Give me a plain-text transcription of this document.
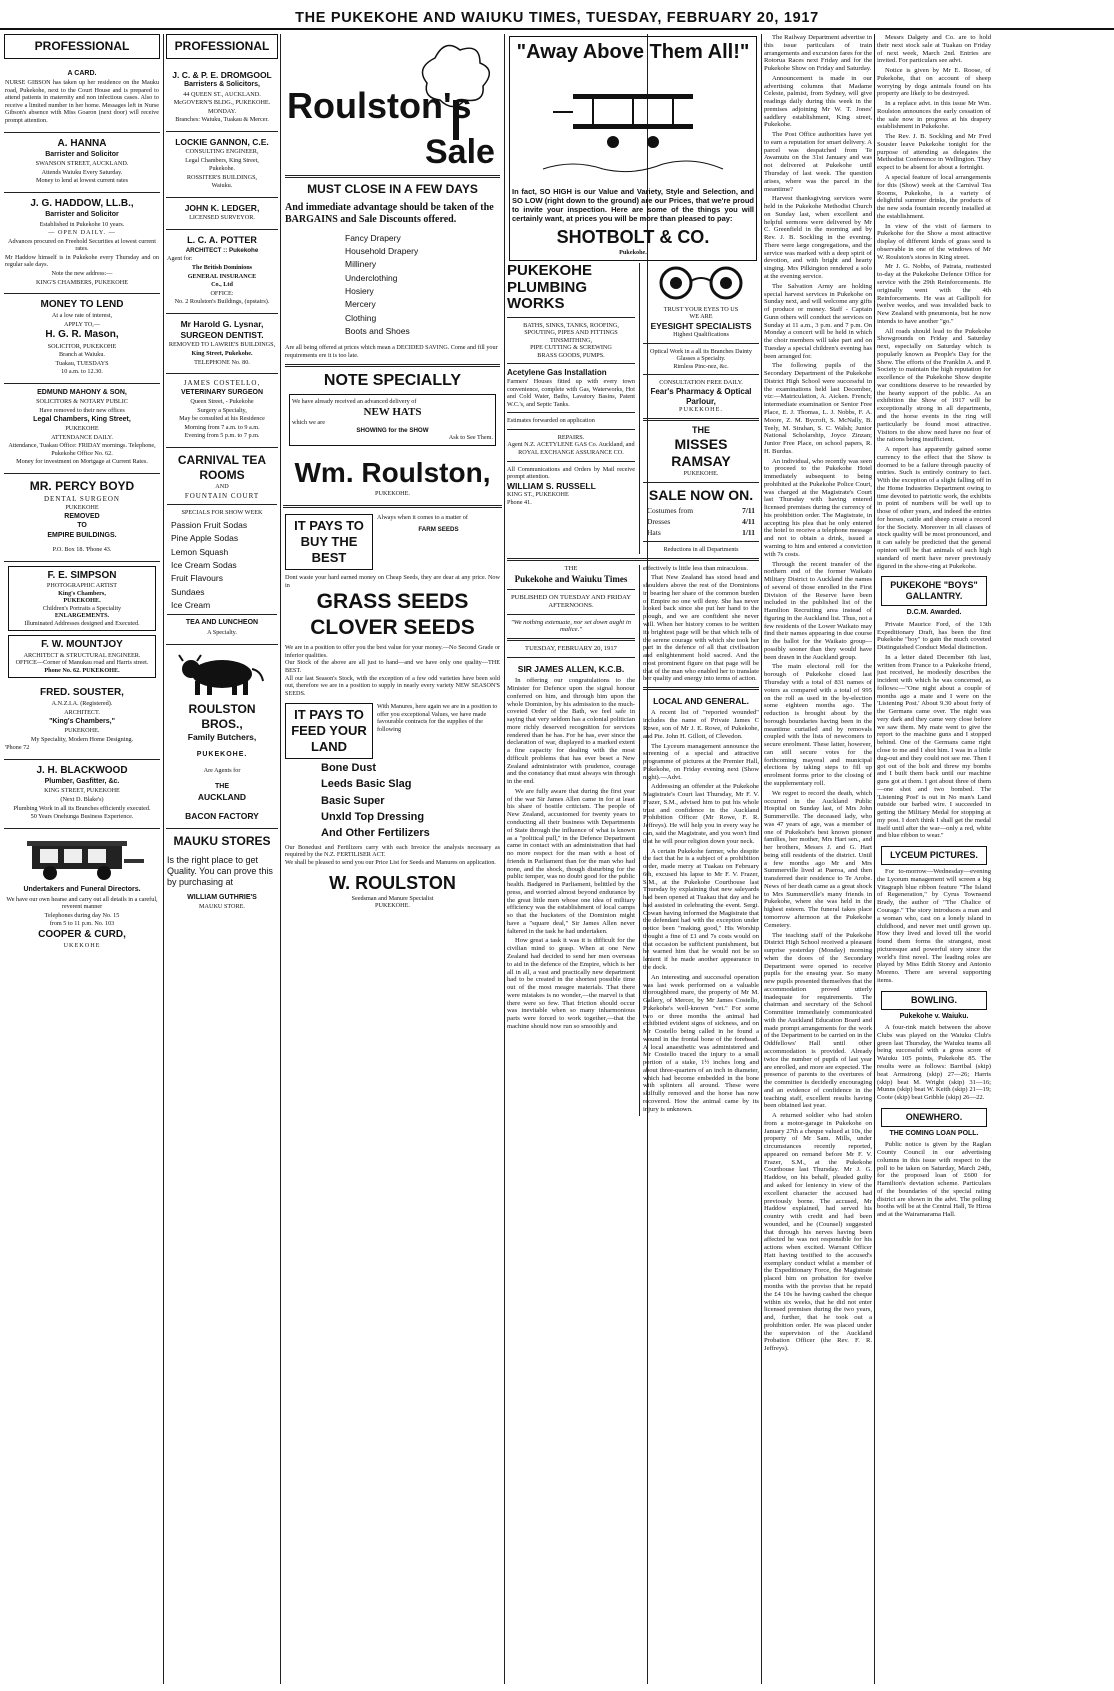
THE PUKEKOHE AND WAIUKU TIMES, TUESDAY, FEBRUARY 20, 1917
PROFESSIONAL

A CARD.

NURSE GIBSON has taken up her residence on the Mauku road, Pukekohe, next to the Court House and is prepared to attend patients in maternity and non infectious cases. Also to receive a limited number in her home. Messages left in Nurse Gibson's absence with Miss Goaron (next door) will receive prompt attention.

A. HANNA

Barrister and Solicitor

SWANSON STREET, AUCKLAND.

Attends Waiuku Every Saturday.

Money to lend at lowest current rates

J. G. HADDOW, LL.B.,

Barrister and Solicitor

Established in Pukekohe 10 years.

— OPEN DAILY. —

Advances procured on Freehold Securities at lowest current rates.

Mr Haddow himself is in Pukekohe every Thursday and on regular sale days.

Note the new address:—

KING'S CHAMBERS, PUKEKOHE

MONEY TO LEND

At a low rate of interest,

APPLY TO,—

H. G. R. Mason,

SOLICITOR, PUKEKOHE

Branch at Waiuku.

Tuakau, TUESDAYS

10 a.m. to 12.30.

EDMUND MAHONY & SON,

SOLICITORS & NOTARY PUBLIC

Have removed to their new offices

Legal Chambers, King Street,

PUKEKOHE

ATTENDANCE DAILY.

Attendance, Tuakau Office: FRIDAY mornings. Telephone, Pukekohe Office No. 62.

Money for investment on Mortgage at Current Rates.

MR. PERCY BOYD

DENTAL SURGEON

PUKEKOHE

REMOVED

TO

EMPIRE BUILDINGS.

P.O. Box 18. 'Phone 43.

F. E. SIMPSON

PHOTOGRAPHIC ARTIST

King's Chambers,

PUKEKOHE.

Children's Portraits a Speciality

ENLARGEMENTS.

Illuminated Addresses designed and Executed.

F. W. MOUNTJOY

ARCHITECT & STRUCTURAL ENGINEER.

OFFICE—Corner of Manukau road and Harris street.

Phone No. 62. PUKEKOHE.

FRED. SOUSTER,

A.N.Z.I.A. (Registered).

ARCHITECT.

"King's Chambers,"

PUKEKOHE.

My Speciality, Modern Home Designing.

'Phone 72

J. H. BLACKWOOD

Plumber, Gasfitter, &c.

KING STREET, PUKEKOHE

(Next D. Blake's)

Plumbing Work in all its Branches efficiently executed.

50 Years Onehunga Business Experience.

Undertakers and Funeral Directors.

We have our own hearse and carry out all details in a careful, reverent manner

Telephones during day No. 15

from 5 to 11 p.m. No. 103

COOPER & CURD,

UKEKOHE

PROFESSIONAL

J. C. & P. E. DROMGOOL

Barristers & Solicitors,

44 QUEEN ST., AUCKLAND.

McGOVERN'S BLDG., PUKEKOHE.

MONDAY.

Branches: Waiuku, Tuakau & Mercer.

LOCKIE GANNON, C.E.

CONSULTING ENGINEER,

Legal Chambers, King Street,

Pukekohe.

ROSSITER'S BUILDINGS,

Waiuku.

JOHN K. LEDGER,

LICENSED SURVEYOR.

L. C. A. POTTER

ARCHITECT :: Pukekohe

Agent for:

The British Dominions

GENERAL INSURANCE

Co., Ltd

OFFICE:

No. 2 Roulston's Buildings, (upstairs).

Mr Harold G. Lysnar,

SURGEON DENTIST.

REMOVED TO LAWRIE'S BUILDINGS,

King Street, Pukekohe.

TELEPHONE No. 80.

JAMES COSTELLO,

VETERINARY SURGEON

Queen Street, - Pukekohe

Surgery a Specialty,

May be consulted at his Residence

Morning from 7 a.m. to 9 a.m.

Evening from 5 p.m. to 7 p.m.

CARNIVAL TEA ROOMS

AND

FOUNTAIN COURT

SPECIALS FOR SHOW WEEK

Passion Fruit Sodas
Pine Apple Sodas
Lemon Squash
Ice Cream Sodas
Fruit Flavours
Sundaes
Ice Cream

TEA AND LUNCHEON

A Specialty.

ROULSTON BROS.,

Family Butchers,

PUKEKOHE.

Are Agents for

THE

AUCKLAND

BACON FACTORY

MAUKU STORES

Is the right place to get Quality. You can prove this by purchasing at

WILLIAM GUTHRIE'S

MAUKU STORE.

Roulston's
Sale

MUST CLOSE IN A FEW DAYS

And immediate advantage should be taken of the BARGAINS and Sale Discounts offered.

Fancy Drapery
Household Drapery
Millinery
Underclothing
Hosiery
Mercery
Clothing
Boots and Shoes

Are all being offered at prices which mean a DECIDED SAVING. Come and fill your requirements ere it is too late.

NOTE SPECIALLY

We have already received an advanced delivery of

NEW HATS

which we are

SHOWING for the SHOW

Ask to See Them.

Wm. Roulston,

PUKEKOHE.

IT PAYS TO BUY THE BEST

Always when it comes to a matter of

FARM SEEDS

Dont waste your hard earned money on Cheap Seeds, they are dear at any price. Now in

GRASS SEEDS

CLOVER SEEDS

We are in a position to offer you the best value for your money.—No Second Grade or inferior qualities.

Our Stock of the above are all just to hand—and we have only one quality—THE BEST.

All our last Season's Stock, with the exception of a few odd varieties have been sold out, therefore we are in a position to supply in nearly every variety NEW SEASON'S SEEDS.

IT PAYS TO FEED YOUR LAND

With Manures, here again we are in a position to offer you exceptional Values, we have made favourable contracts for the supplies of the following

Bone Dust
Leeds Basic Slag
Basic Super
Unxld Top Dressing
And Other Fertilizers

Our Bonedust and Fertilizers carry with each Invoice the analysis necessary as required by the N.Z. FERTILISER ACT.

We shall be pleased to send you our Price List for Seeds and Manures on application.

W. ROULSTON

Seedsman and Manure Specialist

PUKEKOHE.

"Away Above Them All!"

In fact, SO HIGH is our Value and Variety, Style and Selection, and SO LOW (right down to the ground) are our Prices, that we're proud to invite your inspection. Here are some of the things you will certainly want, at prices you will be more than pleased to pay:

SHOTBOLT & CO.

Pukekohe.

PUKEKOHE PLUMBING WORKS

BATHS, SINKS, TANKS, ROOFING, SPOUTING, PIPES AND FITTINGS

TINSMITHING,

PIPE CUTTING & SCREWING

BRASS GOODS, PUMPS.

Acetylene Gas Installation

Farmers' Houses fitted up with every town convenience, complete with Gas, Waterworks, Hot and Cold Water, Baths, Lavatory Basins, Patent W.C.'s, and Septic Tanks.

Estimates forwarded on application

REPAIRS.

Agent N.Z. ACETYLENE GAS Co. Auckland, and

ROYAL EXCHANGE ASSURANCE CO.

All Communications and Orders by Mail receive prompt attention.

WILLIAM S. RUSSELL

KING ST., PUKEKOHE

Phone 41.

TRUST YOUR EYES TO US

WE ARE

EYESIGHT SPECIALISTS

Highest Qualifications

Optical Work in a all its Branches Dainty Glasses a Specialty.

Rimless Pinc-nez, &c.

CONSULTATION FREE DAILY.

Fear's Pharmacy & Optical Parlour,

PUKEKOHE.

THE

MISSES RAMSAY

PUKEKOHE.

SALE NOW ON.

Costumes from	7/11
Dresses	4/11
Hats	1/11

Reductions in all Departments

THE

Pukekohe and Waiuku Times

PUBLISHED ON TUESDAY AND FRIDAY AFTERNOONS.

"We nothing extenuate, nor set down aught in malice."

TUESDAY, FEBRUARY 20, 1917

SIR JAMES ALLEN, K.C.B.

In offering our congratulations to the Minister for Defence upon the signal honour conferred on him, and through him upon the whole Dominion, by his admission to the much-coveted Order of the Bath, we feel safe in saying that very seldom has a colonial politician more richly deserved recognition for services rendered than he has. For he has, ever since the declaration of war, displayed to a marked extent a fine capacity for dealing with the most difficult problems that has ever beset a New Zealand administrator with prudence, courage and the constancy that must always win through in the end.

We are fully aware that during the first year of the war Sir James Allen came in for at least his share of hostile criticism. The people of New Zealand, accustomed for twenty years to conducting all their business with Departments of State through the influence of what is known as a "political pull," in the Defence Department came in contact with an administration that had no more respect for the man with a host of friends in Parliament than for the man who had none, and the shock, though disturbing for the public temper, was no doubt good for the public health. Badgered in Parliament, belittled by the press, and worried almost beyond endurance by the great little men whose one idea of military efficiency was the establishment of local camps so that the hucksters of the Dominion might have a "square deal," Sir James Allen never faltered in the task he had undertaken.

How great a task it was it is difficult for the civilian mind to grasp. When at one New Zealand had decided to send her men overseas to aid in the defence of the Empire, which is her all in all, a vast and practically new department had to be created in the shortest possible time out of the most meagre materials. That there were mistakes is no wonder,—the marvel is that there were so few. That friction should occur was inevitable when so many inharmonious parts were forced to work together,—that the machine should now run so smoothly and

effectively is little less than miraculous.

That New Zealand has stood head and shoulders above the rest of the Dominions in bearing her share of the common burden of Empire no one will deny. She has never looked back since she put her hand to the plough, and we are confident she never will. When her history comes to be written its brightest page will be that which tells of the serene courage with which she took her part in the defence of all that civilisation and enlightenment hold sacred. And the most prominent figure on that page will be that of the man who enabled her to translate her quality and energy into terms of action.

LOCAL AND GENERAL.

A recent list of "reported wounded" includes the name of Private James C Rowe, son of Mr J. E. Rowe, of Pukekohe, and Pte. John H. Gillott, of Clevedon.

The Lyceum management announce the screening of a special and attractive programme of pictures at the Premier Hall, Pukekohe, on Friday evening next (Show night).—Advt.

Addressing an offender at the Pukekohe Magistrate's Court last Thursday, Mr F. V. Frazer, S.M., advised him to put his whole trust and confidence in the Auckland Prohibition Officer (Mr Rowe, F. R. Jeffreys). He will help you in every way he can, said the Magistrate, and you won't find that he will pour religion down your neck.

A certain Pukekohe farmer, who despite the fact that he is a subject of a prohibition order, made merry at Tuakau on February 6th, excused his lapse to Mr F. V. Frazer, S.M., at the Pukekohe Courthouse last Thursday by explaining that new saleyards had been opened at Tuakau that day and he had assisted in celebrating the event. Sergt. Cowan having informed the Magistrate that the defendant had with the exception under notice been "making good," His Worship thought a fine of £1 and 7s costs would on that occasion be sufficient punishment, but he warned him that he would not be so lenient if he made another appearance in the dock.

An interesting and successful operation was last week performed on a valuable thoroughbred mare, the property of Mr M. Gallery, of Mercer, by Mr James Costello, Pukekohe's well-known "vet." For some two or three months the animal had exhibited evident signs of sickness, and on Mr Costello being called in he found a wound in the frontal bone of the forehead. A local anaesthetic was administered and Mr Costello traced the injury to a small portion of a stake, 1½ inches long and about three-quarters of an inch in diameter, which had become embedded in the bone with splinters all around. These were skilfully removed and the horse has now recovered. How the animal came by its injury is unknown.

The Railway Department advertise in this issue particulars of train arrangements and excursion fares for the Rotorua Races next Friday and for the Pukekohe Show on Friday and Saturday.

Announcement is made in our advertising columns that Madame Celeste, palmist, from Sydney, will give readings daily during this week in the premises adjoining Mr W. T. Jones' saddlery establishment, King street, Pukekohe.

The Post Office authorities have yet to earn a reputation for smart delivery. A parcel was despatched from Te Awamutu on the 31st January and was not delivered at Pukekohe until Thursday of last week. The question arises, where was the parcel in the meantime?

Harvest thanksgiving services were held in the Pukekohe Methodist Church on Sunday last, when excellent and helpful sermons were delivered by Mr C. Greenfield in the morning and by Rev. J. B. Sockling in the evening. There were large congregations, and the service was marked with a deep spirit of devotion, and with bright and hearty singing. Mrs Pilkington rendered a solo at the evening service.

The Salvation Army are holding special harvest services in Pukekohe on Sunday next, and will welcome any gifts of produce or money. Staff - Captain Gunn others will conduct the services on Sunday at 11 a.m., 3 p.m. and 7 p.m. On Monday a concert will be held in which the choir members will take part and on Tuesday a special children's evening has been arranged for.

The following pupils of the Secondary Department of the Pukekohe District High School were successful in the examinations held last December, viz:—Matriculation, A. Aicken. French; intermediate examination or Senior Free Place, E. J. Thomas, L. J. Nobbs, F. A. Moore, Z. M. Bycroft, S. McNally, B. Teely, M. Strahan, S. C. Walsh; Junior National Scholarship, Joyce Zinzan; Junior Free Place, on school papers, R. H. Burdus.

An individual, who recently was seen to proceed to the Pukekohe Hotel immediately subsequent to being prohibited at the Pukekohe Police Court, was charged at the Magistrate's Court last Thursday with having entered licensed premises during the currency of his prohibition order. The Magistrate, in accepting his plea that he only entered the hotel to receive a telephone message and not to obtain a drink, issued a warning to him and entered a conviction with 7s costs.

Through the recent transfer of the northern end of the former Waikato Military District to Auckland the names of several of those enrolled in the First Division of the Reserve have been included in the published list of the Hamilton Recruiting area instead of figuring in the Auckland list. Thus, not a few residents of the Lower Waikato may find their names appearing in due course in the ballot for the Waikato group—possibly sooner than they would have been drawn in the Auckland group.

The main electoral roll for the borough of Pukekohe closed last Thursday with a total of 831 names of voters as compared with a total of 995 on the roll as used in the by-election some eighteen months ago. The reduction is brought about by the borough boundaries having been in the meantime curtailed and by removals coupled with the lists of newcomers to secure enrolment. These latter, however, can still secure votes for the forthcoming mayoral and municipal elections by taking steps to fill up enrolment forms prior to the closing of the supplementary roll.

We regret to record the death, which occurred in the Auckland Public Hospital on Sunday last, of Mrs John Summerville. The deceased lady, who was 47 years of age, was a member of one of Pukekohe's best known pioneer families, her mother, Mrs Hart sen., and her brothers, Messrs J. and G. Hart being still residents of the district. Until a few months ago Mr and Mrs Summerville lived at Paeroa, and then transferred their residence to Te Arobe. News of her death came as a great shock to Mrs Summerville's many friends in Pukekohe, where she was held in the highest esteem. The funeral takes place tomorrow afternoon at the Pukekohe Cemetery.

The teaching staff of the Pukekohe District High School received a pleasant surprise yesterday (Monday) morning when the doors of the Secondary Department were opened to receive pupils for the ensuing year. So many new pupils presented themselves that the accommodation proved utterly inadequate for requirements. The chairman and secretary of the School Committee immediately communicated with the Auckland Education Board and made prompt arrangements for the work of the Department to be carried on in the Oddfellows' Hall until other accommodation is provided. Already twice the number of pupils of last year are enrolled, and more are expected. The presence of parents to the overtures of the committee is decidedly encouraging and an evidence of confidence in the teaching staff, excellent results having been obtained last year.

A returned soldier who had stolen from a motor-garage in Pukekohe on January 27th a cheque valued at 10s, the property of Mr Sam. Mills, under circumstances recently reported, appeared on remand before Mr F. V. Frazer, S.M., at the Pukekohe Courthouse last Thursday. Mr J. G. Haddow, on his behalf, pleaded guilty and asked for leniency in view of the excellent character the accused had previously borne. The accused, Mr Haddow explained, had served his country with credit and had been wounded, and he (Counsel) suggested that through his nerves having been affected he was not responsible for his actions when excited. Warrant Officer Hatt having testified to the accused's exemplary conduct whilst a member of the Expeditionary Force, the Magistrate placed him on probation for twelve months with the proviso that he repaid the £4 10s he having cashed the cheque within six weeks, that he did not enter licensed premises during the two years, and, further, that he took out a prohibition order. He was placed under the supervision of the Auckland Probation Officer (the Rev. F. R. Jeffreys).

Messrs Dalgety and Co. are to hold their next stock sale at Tuakau on Friday of next week, March 2nd. Entries are invited. For particulars see advt.

Notice is given by Mr E. Roose, of Pukekohe, that on account of sheep worrying by dogs animals found on his property are likely to be destroyed.

In a replace advt. in this issue Mr Wm. Roulston announces the early cessation of the sale now in progress at his drapery establishment in Pukekohe.

The Rev. J. B. Sockling and Mr Fred Souster leave Pukekohe tonight for the purpose of attending as delegates the Methodist Conference in Wellington. They expect to be absent for about a fortnight.

A special feature of local arrangements for this (Show) week at the Carnival Tea Rooms, Pukekohe, is a variety of delightful summer drinks, the products of the new soda fountain recently installed at the establishment.

In view of the visit of farmers to Pukekohe for the Show a most attractive display of different kinds of grass seed is observable in one of the windows of Mr W. Roulston's stores in King street.

Mr J. G. Nobbs, of Patrata, reattested to-day at the Pukekohe Defence Office for service with the 29th Reinforcements. He originally went with the 4th Reinforcements. He was at Gallipoli for twelve weeks, and was invalided back to New Zealand with pneumonia, but he now intends to have another "go."

All roads should lead to the Pukekohe Showgrounds on Friday and Saturday next, especially on Saturday which is popularly known as People's Day for the Show. The efforts of the Franklin A. and P. Society to maintain the high reputation for excellence of the Pukekohe Show despite war conditions deserve to be rewarded by the hearty support of the public. As an exhibition the Show of 1917 will be exceptionally strong in all departments, and the horse events in the ring will particularly be found most attractive. Visitors to the show need have no fear of the rations being insufficient.

A report has apparently gained some currency to the effect that the Show is doomed to be a failure through paucity of entries. Such is entirely contrary to fact. With the exception of a slight falling off in the Home Industries Department owing to time devoted to patriotic work, the exhibits in point of numbers will be well up to those of other years, and indeed the entries for horses, cattle and sheep create a record for the Society. Moreover in all classes of stock quality will be most pronounced, and it can safely be predicted that the general opinion will be that animals of such high standard of merit have never previously figured in the show-ring at Pukekohe.

PUKEKOHE "BOYS" GALLANTRY.
D.C.M. Awarded.

Private Maurice Ford, of the 13th Expeditionary Draft, has been the first Pukekohe "boy" to gain the much coveted Distinguished Conduct Medal distinction.

In a letter dated December 6th last, written from France to a Pukekohe friend, just received, he modestly describes the incident with which he was concerned, as follows:—"One night about a couple of months ago a mate and I were on the 'Listening Post.' About 9.30 about forty of the Germans came over. The night was very dark and they came very close before we saw them. My mate went to give the report to the machine guns and I stopped behind. One of the Germans came right close to me and I shot him. I was in a little dug-out and they could not see me. Then I got out of the bolt and threw my bombs and I built them back until our machine guns got at them. I got about three of them—one shot and two bombed. The 'Listening Post' is out in No man's Land outside our barbed wire. I succeeded in getting the Military Medal for stopping at my post. I don't think I shall get the medal itself until after the war—only a red, white and blue ribbon to wear."

LYCEUM PICTURES.

For to-morrow—Wednesday—evening the Lyceum management will screen a big Vitagraph blue ribbon feature "The Island of Regeneration," by Cyrus Townsend Brady, the author of "The Chalice of Courage." The story introduces a man and a woman who, cast on a lonely island in childhood, and never met until grown up. How they lived and loved till the world found them forms the strangest, most picturesque and powerful story since the world's first novel. The leading roles are played by Miss Edith Storey and Antonio Moreno. There are several supporting items.

BOWLING.
Pukekohe v. Waiuku.

A four-rink match between the above Clubs was played on the Waiuku Club's green last Thursday, the Waiuku teams all being successful with a gross score of Waiuku 105 points, Pukekohe 85. The results were as follows: Barribal (skip) beat Armstrong (skip) 27—26; Harris (skip) beat M. Wright (skip) 31—16; Munns (skip) beat W. Keith (skip) 21—19; Coote (skip) beat Gribble (skip) 26—22.

ONEWHERO.
THE COMING LOAN POLL.

Public notice is given by the Raglan County Council in our advertising columns in this issue with respect to the poll to be taken on Saturday, March 24th, for the proposed loan of £600 for Hamilton's deviation scheme. Particulars of the boundaries of the special rating district are shown in the advt. The polling booths will be at the Central Hall, Te Hiroa and at the Wairamarama Hall.
